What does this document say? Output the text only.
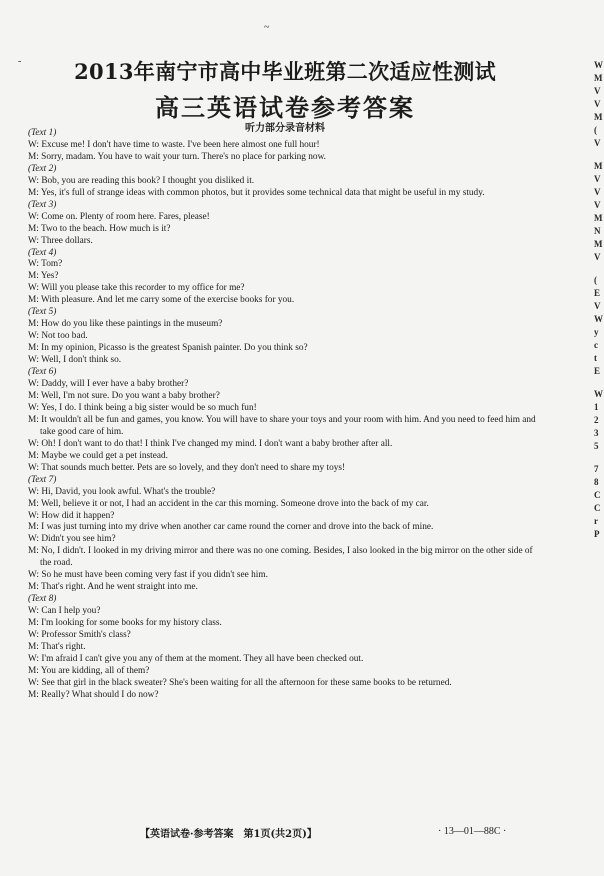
~
-	2013年南宁市高中毕业班第二次适应性测试
高三英语试卷参考答案
听力部分录音材料
(Text 1)
W: Excuse me! I don't have time to waste. I've been here almost one full hour!
M: Sorry, madam. You have to wait your turn. There's no place for parking now.
(Text 2)
W: Bob, you are reading this book? I thought you disliked it.
M: Yes, it's full of strange ideas with common photos, but it provides some technical data that might be useful in my study.
(Text 3)
W: Come on. Plenty of room here. Fares, please!
M: Two to the beach. How much is it?
W: Three dollars.
(Text 4)
W: Tom?
M: Yes?
W: Will you please take this recorder to my office for me?
M: With pleasure. And let me carry some of the exercise books for you.
(Text 5)
M: How do you like these paintings in the museum?
W: Not too bad.
M: In my opinion, Picasso is the greatest Spanish painter. Do you think so?
W: Well, I don't think so.
(Text 6)
W: Daddy, will I ever have a baby brother?
M: Well, I'm not sure. Do you want a baby brother?
W: Yes, I do. I think being a big sister would be so much fun!
M: It wouldn't all be fun and games, you know. You will have to share your toys and your room with him. And you need to feed him and take good care of him.
W: Oh! I don't want to do that! I think I've changed my mind. I don't want a baby brother after all.
M: Maybe we could get a pet instead.
W: That sounds much better. Pets are so lovely, and they don't need to share my toys!
(Text 7)
W: Hi, David, you look awful. What's the trouble?
M: Well, believe it or not, I had an accident in the car this morning. Someone drove into the back of my car.
W: How did it happen?
M: I was just turning into my drive when another car came round the corner and drove into the back of mine.
W: Didn't you see him?
M: No, I didn't. I looked in my driving mirror and there was no one coming. Besides, I also looked in the big mirror on the other side of the road.
W: So he must have been coming very fast if you didn't see him.
M: That's right. And he went straight into me.
(Text 8)
W: Can I help you?
M: I'm looking for some books for my history class.
W: Professor Smith's class?
M: That's right.
W: I'm afraid I can't give you any of them at the moment. They all have been checked out.
M: You are kidding, all of them?
W: See that girl in the black sweater? She's been waiting for all the afternoon for these same books to be returned.
M: Really? What should I do now?
【英语试卷·参考答案　第1页(共2页)】	· 13—01—88C ·
W
M
V
V
M
(
V
M
V
V
V
M
N
M
V
(
E
V
W
y
c
t
E
W
1
2
3
5
7
8
C
C
r
P
